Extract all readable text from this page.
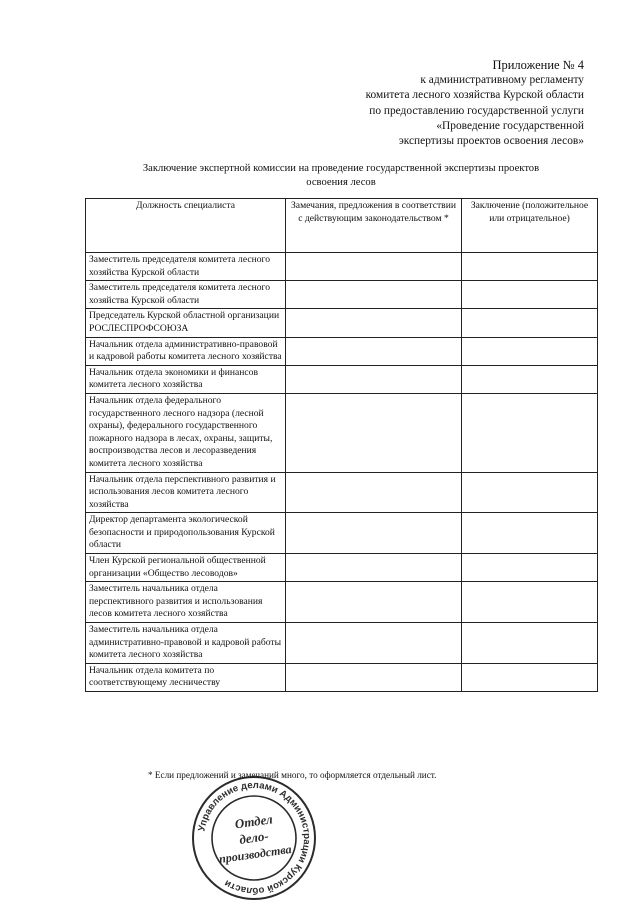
Приложение № 4
к административному регламенту
комитета лесного хозяйства Курской области
по предоставлению государственной услуги
«Проведение государственной
экспертизы проектов освоения лесов»
Заключение экспертной комиссии на проведение государственной экспертизы проектов
освоения лесов
Должность специалиста	Замечания, предложения в соответствии с действующим законодательством *	Заключение (положительное или отрицательное)
Заместитель председателя комитета лесного хозяйства Курской области		
Заместитель председателя комитета лесного хозяйства Курской области		
Председатель Курской областной организации РОСЛЕСПРОФСОЮЗА		
Начальник отдела административно-правовой и кадровой работы комитета лесного хозяйства		
Начальник отдела экономики и финансов комитета лесного хозяйства		
Начальник отдела федерального государственного лесного надзора (лесной охраны), федерального государственного пожарного надзора в лесах, охраны, защиты, воспроизводства лесов и лесоразведения комитета лесного хозяйства		
Начальник отдела перспективного развития и использования лесов комитета лесного хозяйства		
Директор департамента экологической безопасности и природопользования Курской области		
Член Курской региональной общественной организации «Общество лесоводов»		
Заместитель начальника отдела перспективного развития и использования лесов комитета лесного хозяйства		
Заместитель начальника отдела административно-правовой и кадровой работы комитета лесного хозяйства		
Начальник отдела комитета по соответствующему лесничеству		
* Если предложений и замечаний много, то оформляется отдельный лист.
Управление делами Администрации Курской области
Отдел
дело-
производства
